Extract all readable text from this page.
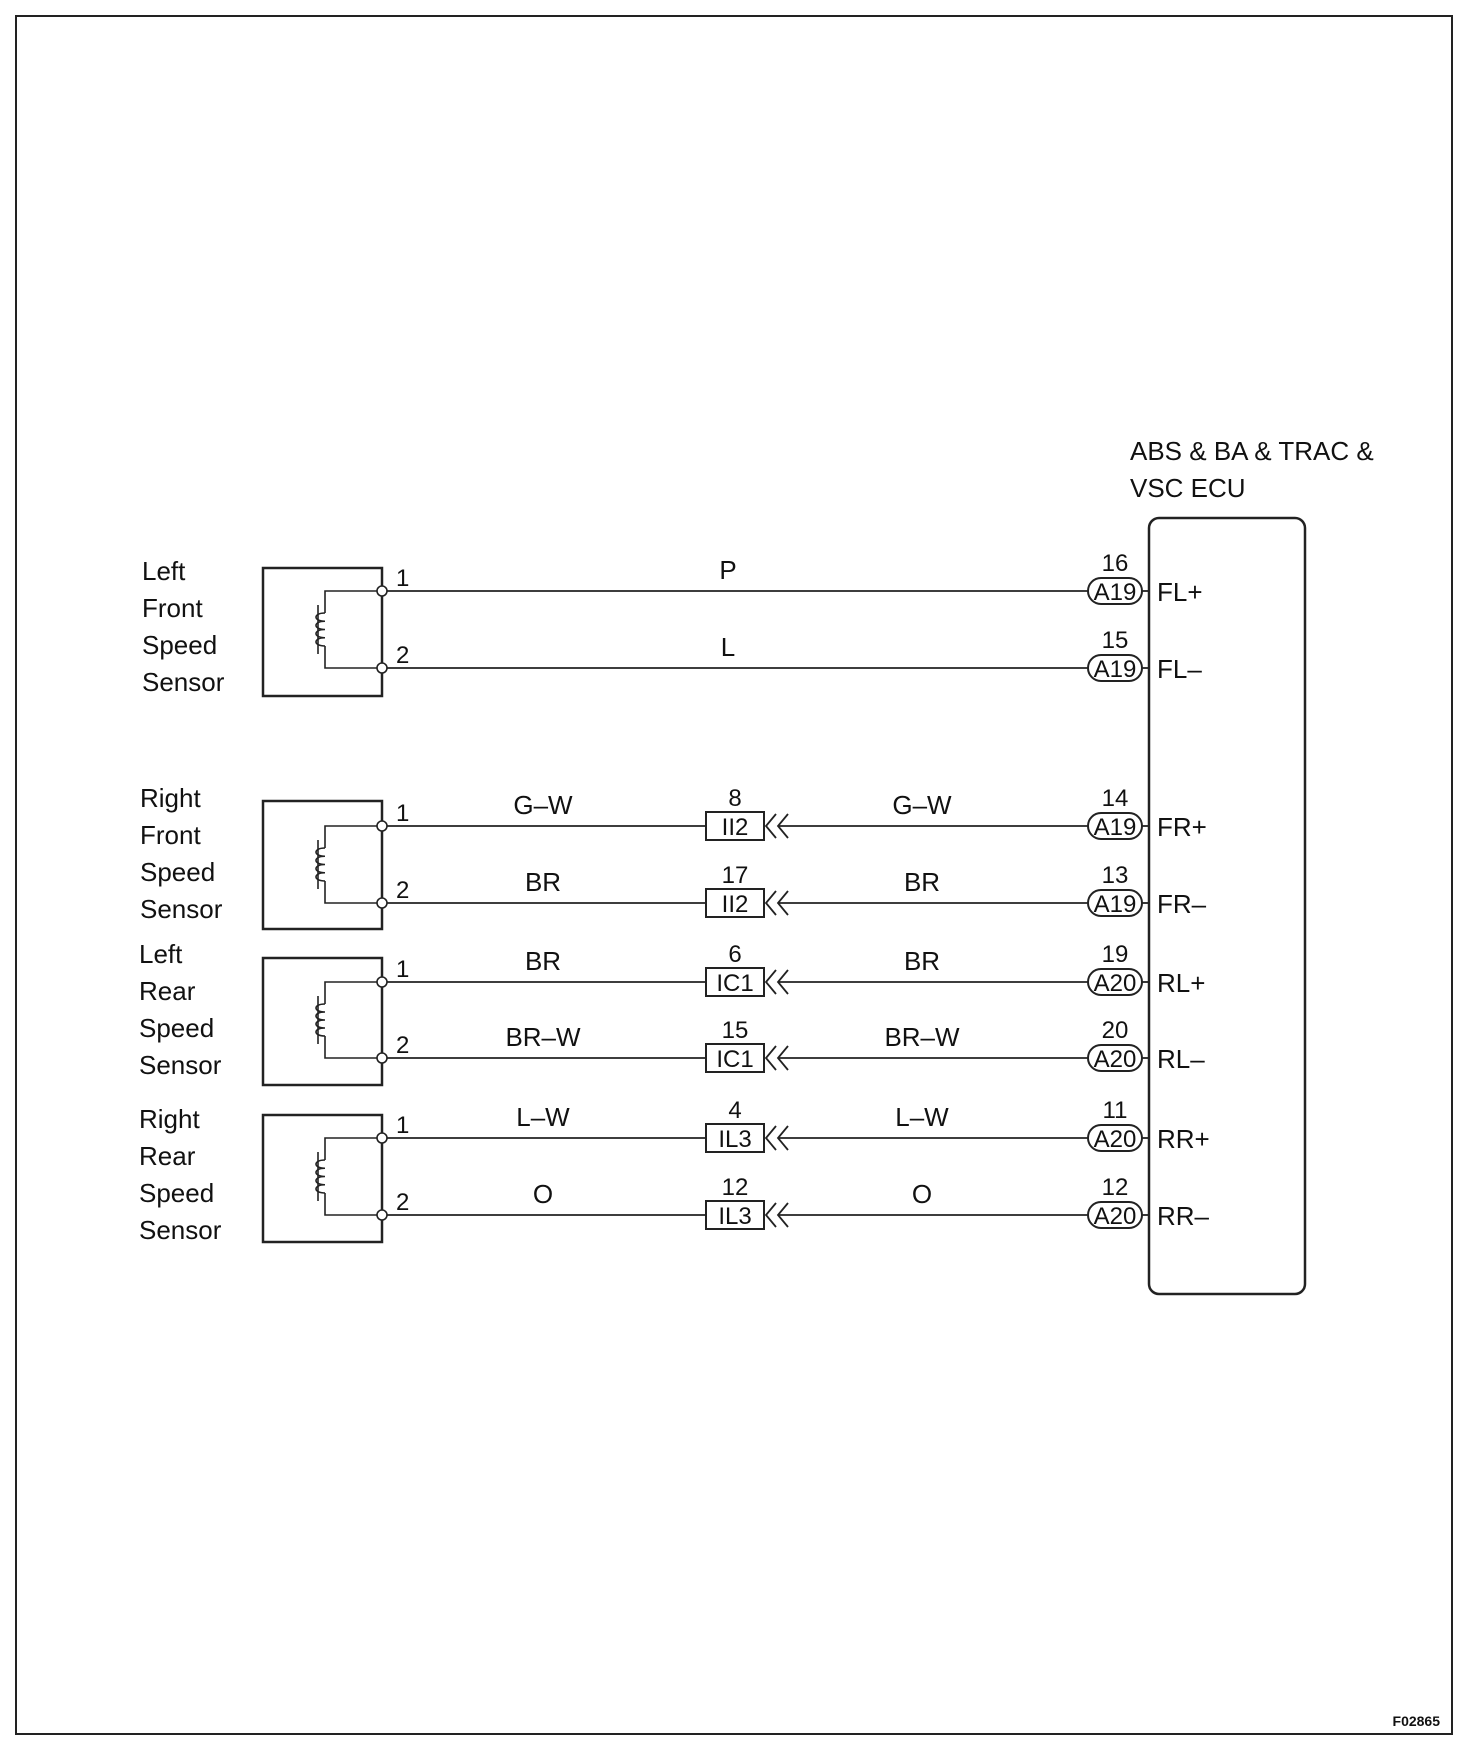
ABS & BA & TRAC &
VSC ECU
Left
Front
Speed
Sensor
1	P
A19
16
FL+
2	L
A19
15
FL–
Right
Front
Speed
Sensor
1	G–W
II2
8	G–W
A19
14
FR+
2	BR
II2
17	BR
A19
13
FR–
Left
Rear
Speed
Sensor
1	BR
IC1
6	BR
A20
19
RL+
2	BR–W
IC1
15	BR–W
A20
20
RL–
Right
Rear
Speed
Sensor
1	L–W
IL3
4	L–W
A20
11
RR+
2	O
IL3
12	O
A20
12
RR–
F02865
